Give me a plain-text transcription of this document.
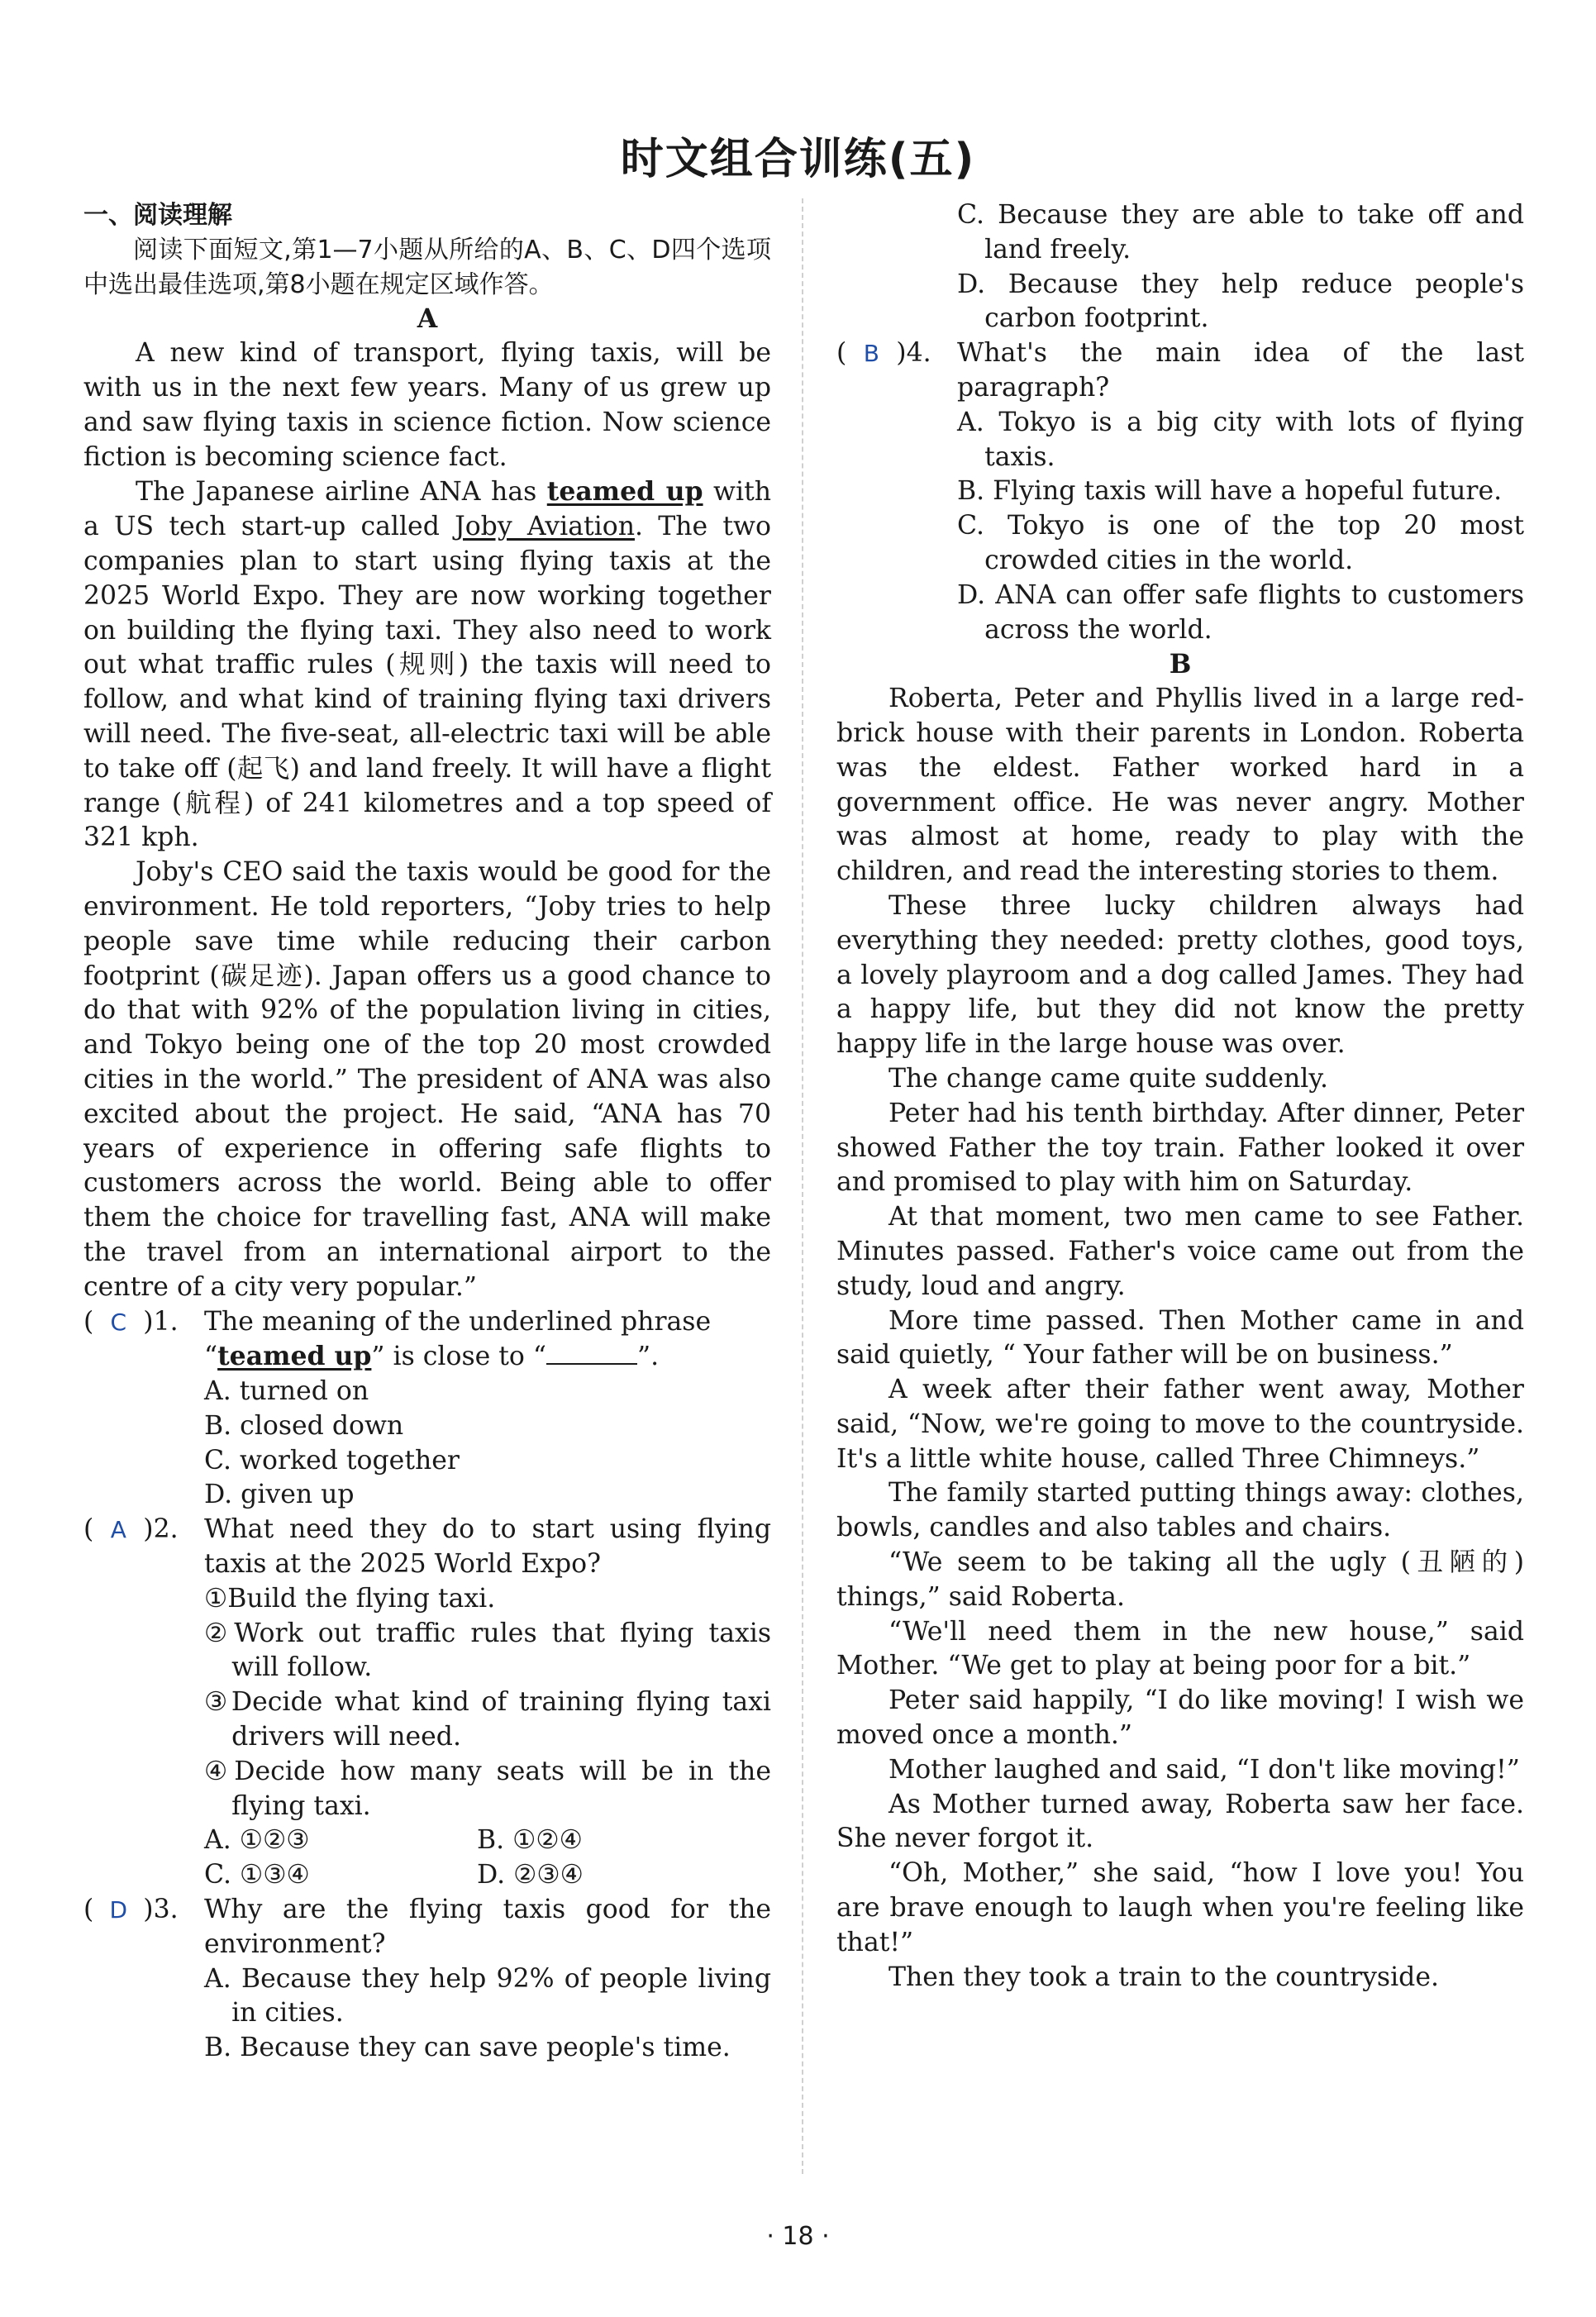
时文组合训练(五)

一、阅读理解

阅读下面短文,第1—7小题从所给的A、B、C、D四个选项中选出最佳选项,第8小题在规定区域作答。

A

A new kind of transport, flying taxis, will be with us in the next few years. Many of us grew up and saw flying taxis in science fiction. Now science fiction is becoming science fact.

The Japanese airline ANA has teamed up with a US tech start-up called Joby Aviation. The two companies plan to start using flying taxis at the 2025 World Expo. They are now working together on building the flying taxi. They also need to work out what traffic rules (规则) the taxis will need to follow, and what kind of training flying taxi drivers will need. The five-seat, all-electric taxi will be able to take off (起飞) and land freely. It will have a flight range (航程) of 241 kilometres and a top speed of 321 kph.

Joby's CEO said the taxis would be good for the environment. He told reporters, “Joby tries to help people save time while reducing their carbon footprint (碳足迹). Japan offers us a good chance to do that with 92% of the population living in cities, and Tokyo being one of the top 20 most crowded cities in the world.” The president of ANA was also excited about the project. He said, “ANA has 70 years of experience in offering safe flights to customers across the world. Being able to offer them the choice for travelling fast, ANA will make the travel from an international airport to the centre of a city very popular.”

( C )1. The meaning of the underlined phrase

“teamed up” is close to “	”.

A. turned on

B. closed down

C. worked together

D. given up

( A )2. What need they do to start using flying taxis at the 2025 World Expo?

①Build the flying taxi.

②Work out traffic rules that flying taxis will follow.

③Decide what kind of training flying taxi drivers will need.

④Decide how many seats will be in the flying taxi.

A. ①②③	B. ①②④
C. ①③④	D. ②③④
( D )3. Why are the flying taxis good for the environment?

A. Because they help 92% of people living in cities.

B. Because they can save people's time.

C. Because they are able to take off and land freely.

D. Because they help reduce people's carbon footprint.

( B )4. What's the main idea of the last paragraph?

A. Tokyo is a big city with lots of flying taxis.

B. Flying taxis will have a hopeful future.

C. Tokyo is one of the top 20 most crowded cities in the world.

D. ANA can offer safe flights to customers across the world.

B

Roberta, Peter and Phyllis lived in a large red-brick house with their parents in London. Roberta was the eldest. Father worked hard in a government office. He was never angry. Mother was almost at home, ready to play with the children, and read the interesting stories to them.

These three lucky children always had everything they needed: pretty clothes, good toys, a lovely playroom and a dog called James. They had a happy life, but they did not know the pretty happy life in the large house was over.

The change came quite suddenly.

Peter had his tenth birthday. After dinner, Peter showed Father the toy train. Father looked it over and promised to play with him on Saturday.

At that moment, two men came to see Father. Minutes passed. Father's voice came out from the study, loud and angry.

More time passed. Then Mother came in and said quietly, “ Your father will be on business.”

A week after their father went away, Mother said, “Now, we're going to move to the countryside. It's a little white house, called Three Chimneys.”

The family started putting things away: clothes, bowls, candles and also tables and chairs.

“We seem to be taking all the ugly (丑陋的) things,” said Roberta.

“We'll need them in the new house,” said Mother. “We get to play at being poor for a bit.”

Peter said happily, “I do like moving! I wish we moved once a month.”

Mother laughed and said, “I don't like moving!”

As Mother turned away, Roberta saw her face. She never forgot it.

“Oh, Mother,” she said, “how I love you! You are brave enough to laugh when you're feeling like that!”

Then they took a train to the countryside.

· 18 ·
